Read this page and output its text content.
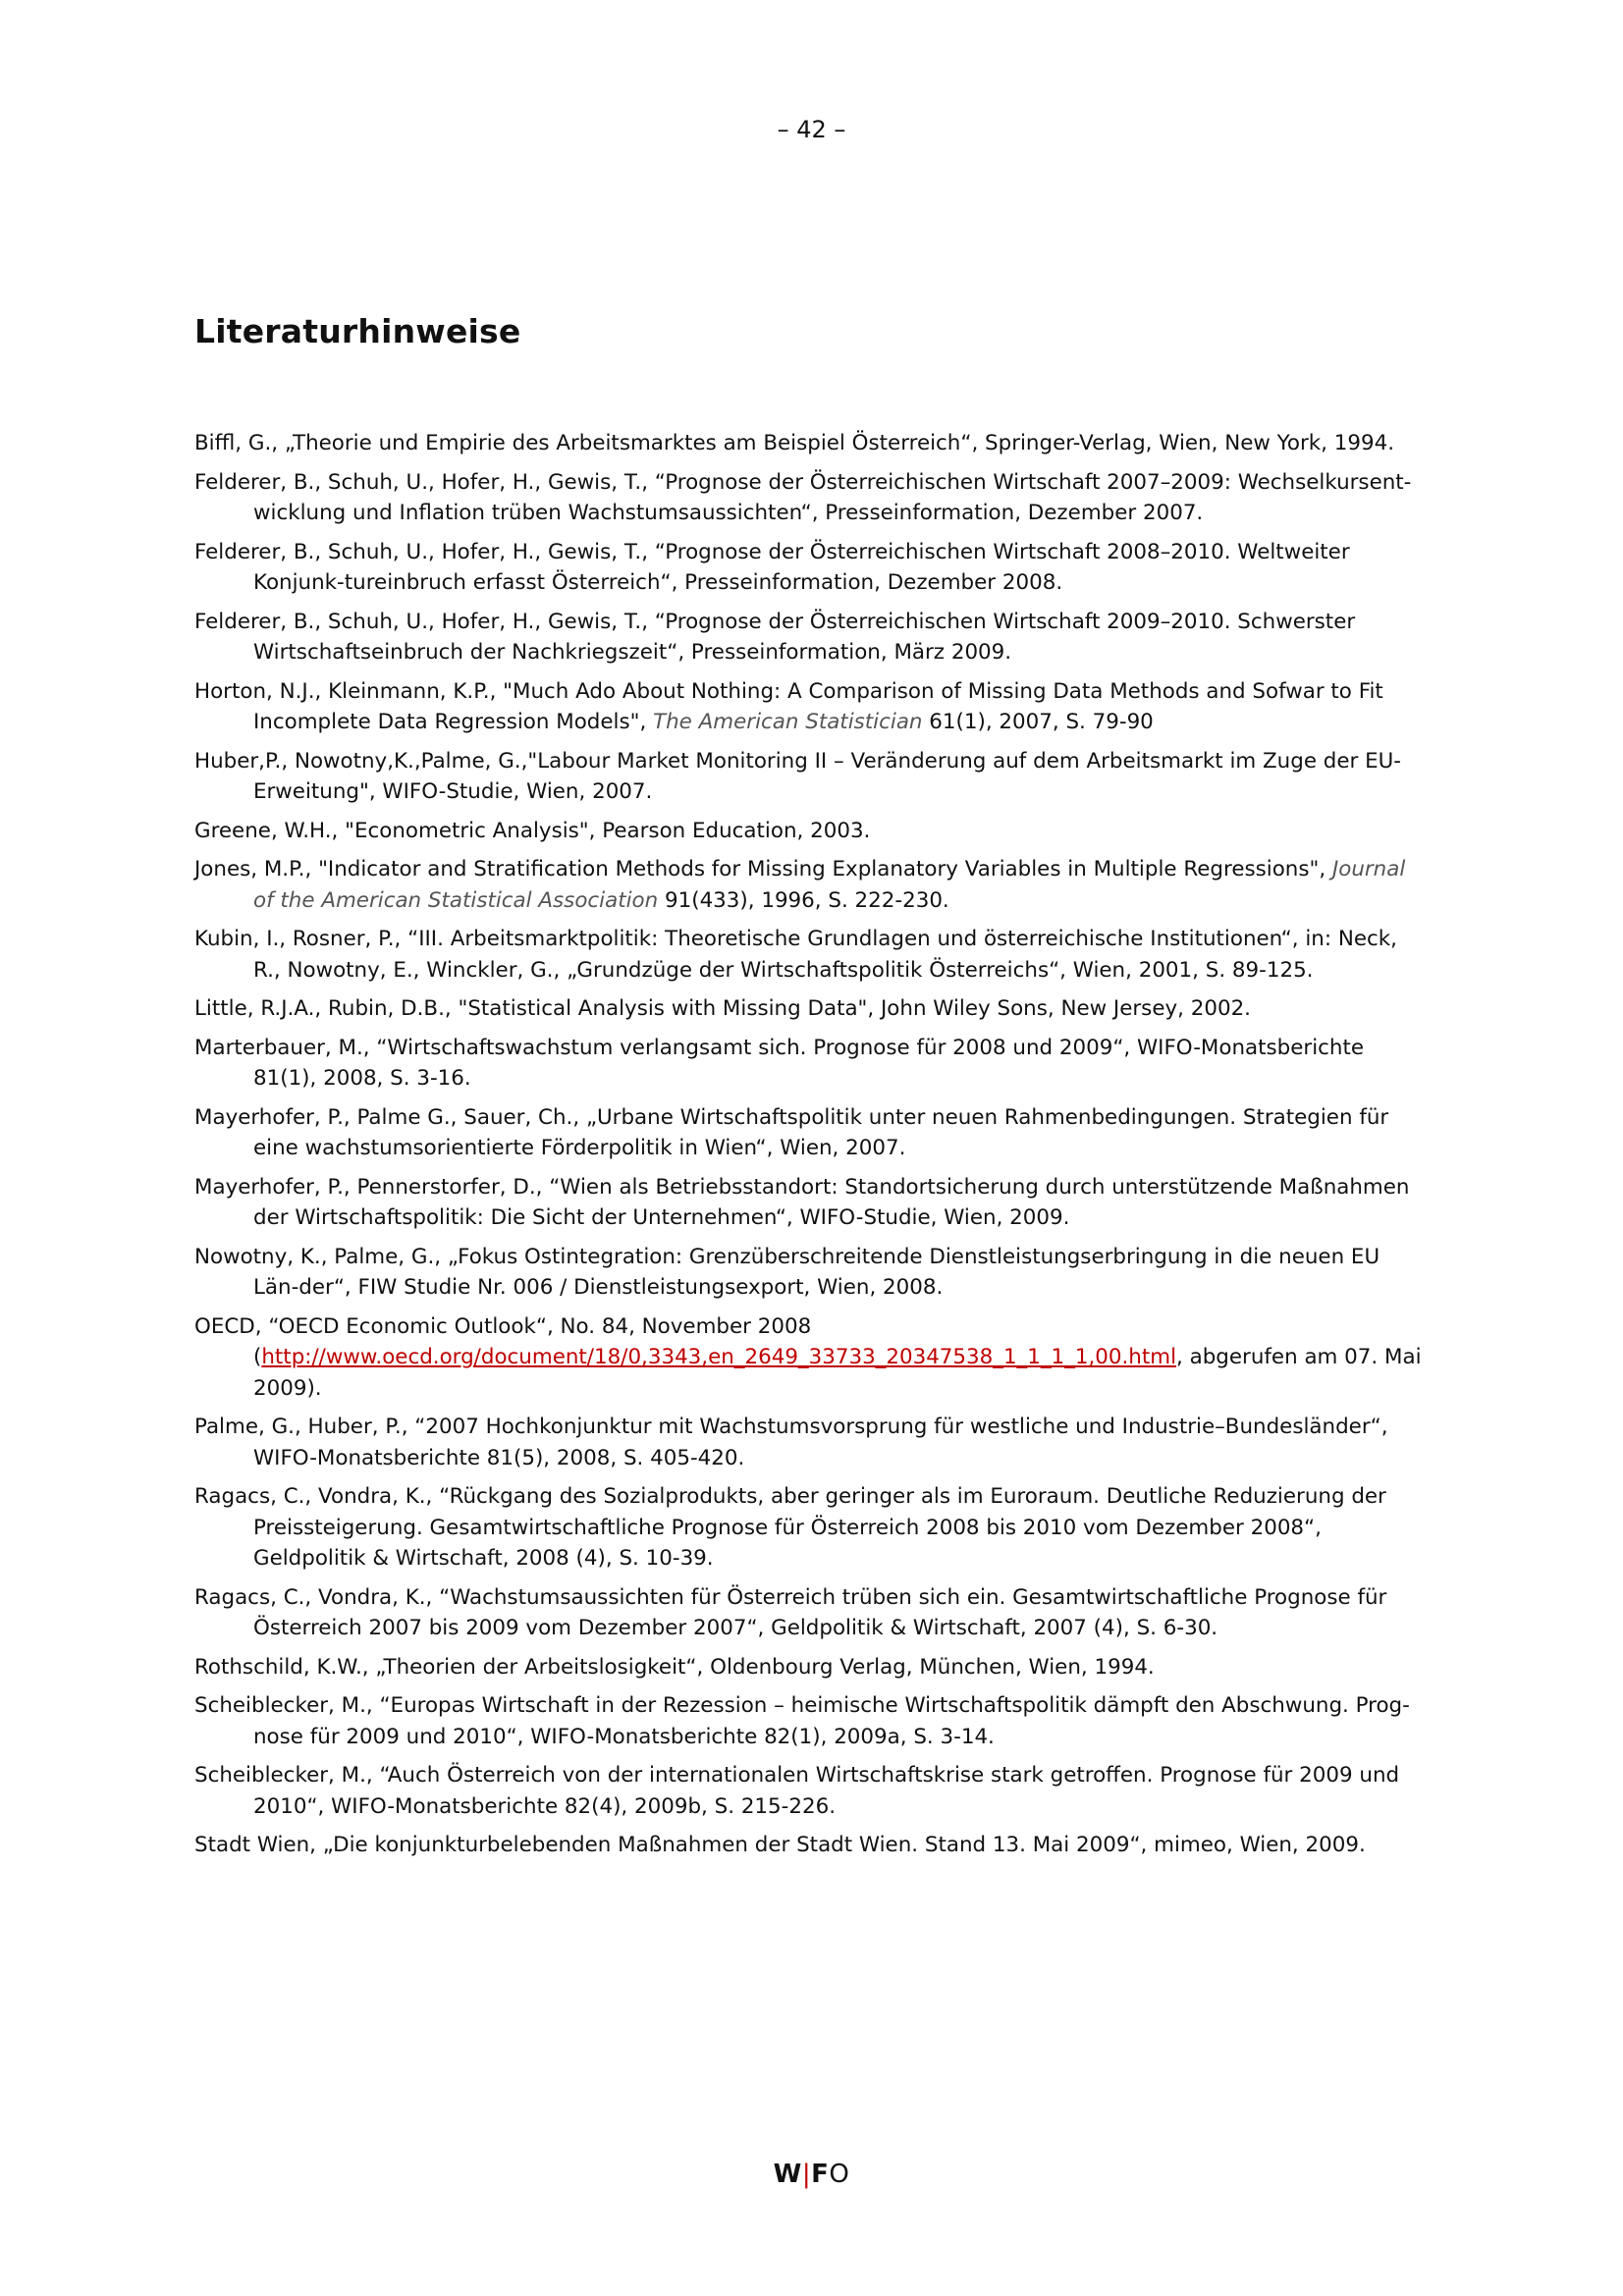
– 42 –
Literaturhinweise
Biffl, G., „Theorie und Empirie des Arbeitsmarktes am Beispiel Österreich“, Springer-Verlag, Wien, New York, 1994.
Felderer, B., Schuh, U., Hofer, H., Gewis, T., “Prognose der Österreichischen Wirtschaft 2007–2009: Wechselkursent-wicklung und Inflation trüben Wachstumsaussichten“, Presseinformation, Dezember 2007.
Felderer, B., Schuh, U., Hofer, H., Gewis, T., “Prognose der Österreichischen Wirtschaft 2008–2010. Weltweiter Konjunk-tureinbruch erfasst Österreich“, Presseinformation, Dezember 2008.
Felderer, B., Schuh, U., Hofer, H., Gewis, T., “Prognose der Österreichischen Wirtschaft 2009–2010. Schwerster Wirtschaftseinbruch der Nachkriegszeit“, Presseinformation, März 2009.
Horton, N.J., Kleinmann, K.P., "Much Ado About Nothing: A Comparison of Missing Data Methods and Sofwar to Fit Incomplete Data Regression Models", The American Statistician 61(1), 2007, S. 79-90
Huber,P., Nowotny,K.,Palme, G.,"Labour Market Monitoring II – Veränderung auf dem Arbeitsmarkt im Zuge der EU-Erweitung", WIFO-Studie, Wien, 2007.
Greene, W.H., "Econometric Analysis", Pearson Education, 2003.
Jones, M.P., "Indicator and Stratification Methods for Missing Explanatory Variables in Multiple Regressions", Journal of the American Statistical Association 91(433), 1996, S. 222-230.
Kubin, I., Rosner, P., “III. Arbeitsmarktpolitik: Theoretische Grundlagen und österreichische Institutionen“, in: Neck, R., Nowotny, E., Winckler, G., „Grundzüge der Wirtschaftspolitik Österreichs“, Wien, 2001, S. 89-125.
Little, R.J.A., Rubin, D.B., "Statistical Analysis with Missing Data", John Wiley Sons, New Jersey, 2002.
Marterbauer, M., “Wirtschaftswachstum verlangsamt sich. Prognose für 2008 und 2009“, WIFO-Monatsberichte 81(1), 2008, S. 3-16.
Mayerhofer, P., Palme G., Sauer, Ch., „Urbane Wirtschaftspolitik unter neuen Rahmenbedingungen. Strategien für eine wachstumsorientierte Förderpolitik in Wien“, Wien, 2007.
Mayerhofer, P., Pennerstorfer, D., “Wien als Betriebsstandort: Standortsicherung durch unterstützende Maßnahmen der Wirtschaftspolitik: Die Sicht der Unternehmen“, WIFO-Studie, Wien, 2009.
Nowotny, K., Palme, G., „Fokus Ostintegration: Grenzüberschreitende Dienstleistungserbringung in die neuen EU Län-der“, FIW Studie Nr. 006 / Dienstleistungsexport, Wien, 2008.
OECD, “OECD Economic Outlook“, No. 84, November 2008 (http://www.oecd.org/document/18/0,3343,en_2649_33733_20347538_1_1_1_1,00.html, abgerufen am 07. Mai 2009).
Palme, G., Huber, P., “2007 Hochkonjunktur mit Wachstumsvorsprung für westliche und Industrie–Bundesländer“, WIFO-Monatsberichte 81(5), 2008, S. 405-420.
Ragacs, C., Vondra, K., “Rückgang des Sozialprodukts, aber geringer als im Euroraum. Deutliche Reduzierung der Preissteigerung. Gesamtwirtschaftliche Prognose für Österreich 2008 bis 2010 vom Dezember 2008“, Geldpolitik & Wirtschaft, 2008 (4), S. 10-39.
Ragacs, C., Vondra, K., “Wachstumsaussichten für Österreich trüben sich ein. Gesamtwirtschaftliche Prognose für Österreich 2007 bis 2009 vom Dezember 2007“, Geldpolitik & Wirtschaft, 2007 (4), S. 6-30.
Rothschild, K.W., „Theorien der Arbeitslosigkeit“, Oldenbourg Verlag, München, Wien, 1994.
Scheiblecker, M., “Europas Wirtschaft in der Rezession – heimische Wirtschaftspolitik dämpft den Abschwung. Prog-nose für 2009 und 2010“, WIFO-Monatsberichte 82(1), 2009a, S. 3-14.
Scheiblecker, M., “Auch Österreich von der internationalen Wirtschaftskrise stark getroffen. Prognose für 2009 und 2010“, WIFO-Monatsberichte 82(4), 2009b, S. 215-226.
Stadt Wien, „Die konjunkturbelebenden Maßnahmen der Stadt Wien. Stand 13. Mai 2009“, mimeo, Wien, 2009.
W|FO
